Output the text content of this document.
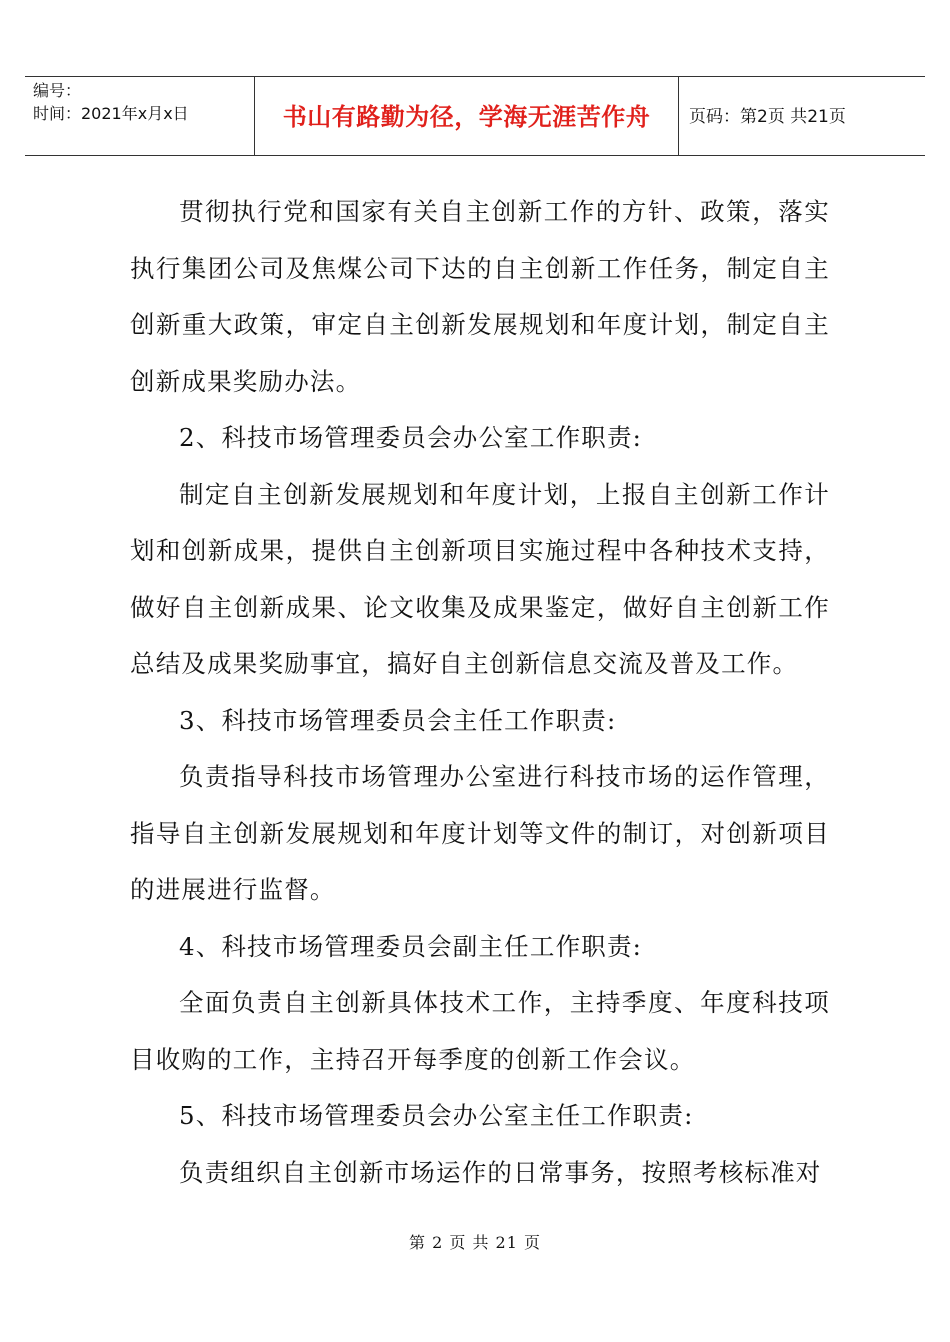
编号：
时间：2021年x月x日	书山有路勤为径，学海无涯苦作舟	页码：第2页 共21页

贯彻执行党和国家有关自主创新工作的方针、政策，落实执行集团公司及焦煤公司下达的自主创新工作任务，制定自主创新重大政策，审定自主创新发展规划和年度计划，制定自主创新成果奖励办法。

2、科技市场管理委员会办公室工作职责:

制定自主创新发展规划和年度计划，上报自主创新工作计划和创新成果，提供自主创新项目实施过程中各种技术支持，做好自主创新成果、论文收集及成果鉴定，做好自主创新工作总结及成果奖励事宜，搞好自主创新信息交流及普及工作。

3、科技市场管理委员会主任工作职责:

负责指导科技市场管理办公室进行科技市场的运作管理，指导自主创新发展规划和年度计划等文件的制订，对创新项目的进展进行监督。

4、科技市场管理委员会副主任工作职责:

全面负责自主创新具体技术工作，主持季度、年度科技项目收购的工作，主持召开每季度的创新工作会议。

5、科技市场管理委员会办公室主任工作职责:

负责组织自主创新市场运作的日常事务，按照考核标准对

第 2 页 共 21 页
